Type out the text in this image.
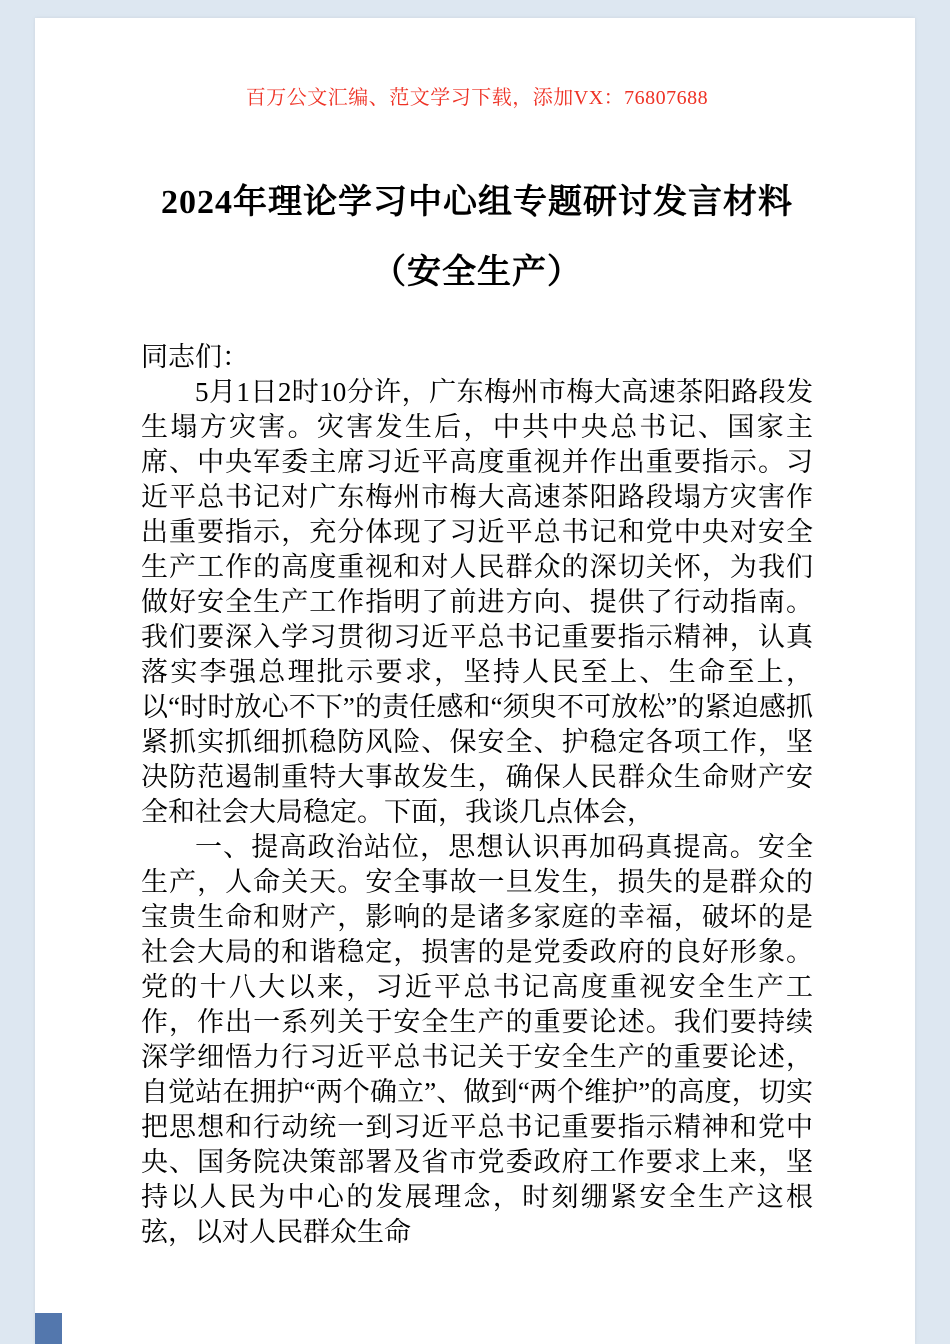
百万公文汇编、范文学习下载，添加VX：76807688
2024年理论学习中心组专题研讨发言材料
（安全生产）

同志们：

5月1日2时10分许，广东梅州市梅大高速茶阳路段发生塌方灾害。灾害发生后，中共中央总书记、国家主席、中央军委主席习近平高度重视并作出重要指示。习近平总书记对广东梅州市梅大高速茶阳路段塌方灾害作出重要指示，充分体现了习近平总书记和党中央对安全生产工作的高度重视和对人民群众的深切关怀，为我们做好安全生产工作指明了前进方向、提供了行动指南。我们要深入学习贯彻习近平总书记重要指示精神，认真落实李强总理批示要求，坚持人民至上、生命至上，以“时时放心不下”的责任感和“须臾不可放松”的紧迫感抓紧抓实抓细抓稳防风险、保安全、护稳定各项工作，坚决防范遏制重特大事故发生，确保人民群众生命财产安全和社会大局稳定。下面，我谈几点体会，

一、提高政治站位，思想认识再加码真提高。安全生产，人命关天。安全事故一旦发生，损失的是群众的宝贵生命和财产，影响的是诸多家庭的幸福，破坏的是社会大局的和谐稳定，损害的是党委政府的良好形象。党的十八大以来，习近平总书记高度重视安全生产工作，作出一系列关于安全生产的重要论述。我们要持续深学细悟力行习近平总书记关于安全生产的重要论述，自觉站在拥护“两个确立”、做到“两个维护”的高度，切实把思想和行动统一到习近平总书记重要指示精神和党中央、国务院决策部署及省市党委政府工作要求上来，坚持以人民为中心的发展理念，时刻绷紧安全生产这根弦，以对人民群众生命
